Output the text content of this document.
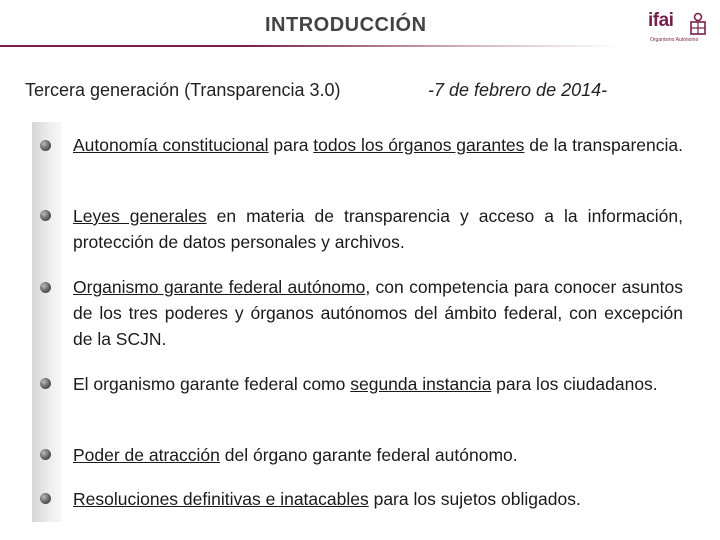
INTRODUCCIÓN	ifai
Organismo Autónomo
Tercera generación (Transparencia 3.0)	-7 de febrero de 2014-
Autonomía constitucional para todos los órganos garantes de la transparencia.
Leyes generales en materia de transparencia y acceso a la información, protección de datos personales y archivos.
Organismo garante federal autónomo, con competencia para conocer asuntos de los tres poderes y órganos autónomos del ámbito federal, con excepción de la SCJN.
El organismo garante federal como segunda instancia para los ciudadanos.
Poder de atracción del órgano garante federal autónomo.
Resoluciones definitivas e inatacables para los sujetos obligados.
